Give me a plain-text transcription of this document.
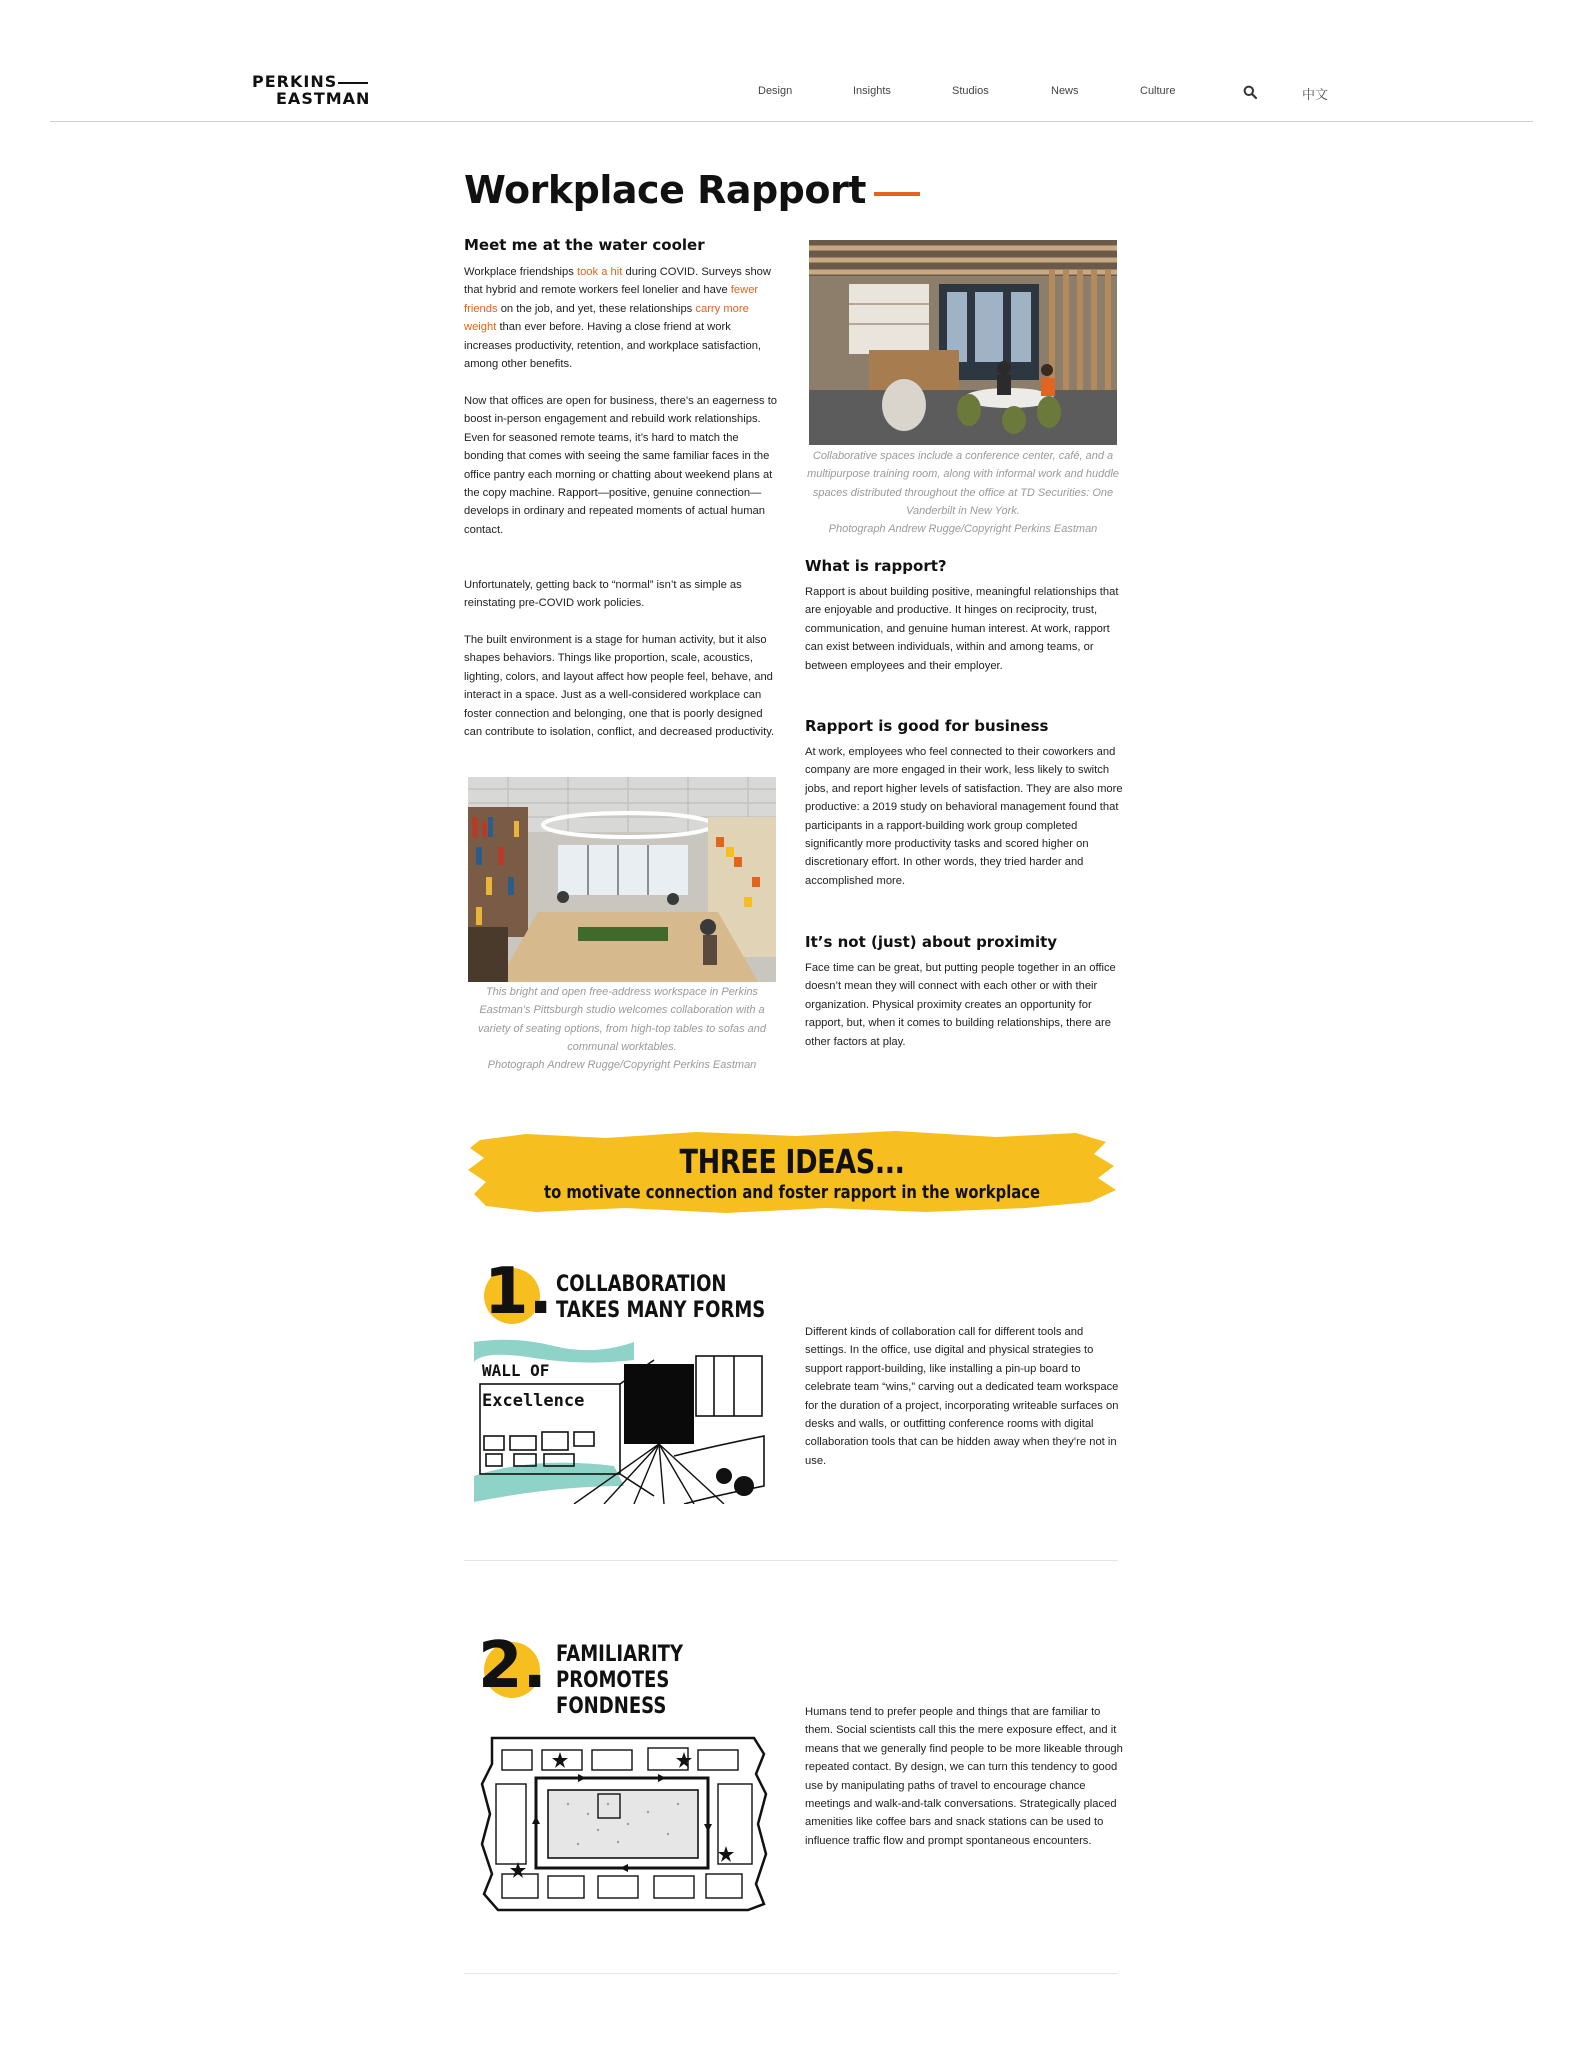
PERKINS
EASTMAN	Design	Insights	Studios	News	Culture	中文
Workplace Rapport
Meet me at the water cooler

Workplace friendships took a hit during COVID. Surveys show that hybrid and remote workers feel lonelier and have fewer friends on the job, and yet, these relationships carry more weight than ever before. Having a close friend at work increases productivity, retention, and workplace satisfaction, among other benefits.

Now that offices are open for business, there’s an eagerness to boost in-person engagement and rebuild work relationships. Even for seasoned remote teams, it’s hard to match the bonding that comes with seeing the same familiar faces in the office pantry each morning or chatting about weekend plans at the copy machine. Rapport—positive, genuine connection—develops in ordinary and repeated moments of actual human contact.

Unfortunately, getting back to “normal” isn’t as simple as reinstating pre-COVID work policies.

The built environment is a stage for human activity, but it also shapes behaviors. Things like proportion, scale, acoustics, lighting, colors, and layout affect how people feel, behave, and interact in a space. Just as a well-considered workplace can foster connection and belonging, one that is poorly designed can contribute to isolation, conflict, and decreased productivity.

This bright and open free-address workspace in Perkins Eastman’s Pittsburgh studio welcomes collaboration with a variety of seating options, from high-top tables to sofas and communal worktables.

Photograph Andrew Rugge/Copyright Perkins Eastman

Collaborative spaces include a conference center, café, and a multipurpose training room, along with informal work and huddle spaces distributed throughout the office at TD Securities: One Vanderbilt in New York.

Photograph Andrew Rugge/Copyright Perkins Eastman

What is rapport?

Rapport is about building positive, meaningful relationships that are enjoyable and productive. It hinges on reciprocity, trust, communication, and genuine human interest. At work, rapport can exist between individuals, within and among teams, or between employees and their employer.

Rapport is good for business

At work, employees who feel connected to their coworkers and company are more engaged in their work, less likely to switch jobs, and report higher levels of satisfaction. They are also more productive: a 2019 study on behavioral management found that participants in a rapport-building work group completed significantly more productivity tasks and scored higher on discretionary effort. In other words, they tried harder and accomplished more.

It’s not (just) about proximity

Face time can be great, but putting people together in an office doesn’t mean they will connect with each other or with their organization. Physical proximity creates an opportunity for rapport, but, when it comes to building relationships, there are other factors at play.

THREE IDEAS...
to motivate connection and foster rapport in the workplace
1. COLLABORATION
TAKES MANY FORMS
WALL OF
Excellence

Different kinds of collaboration call for different tools and settings. In the office, use digital and physical strategies to support rapport-building, like installing a pin-up board to celebrate team “wins,” carving out a dedicated team workspace for the duration of a project, incorporating writeable surfaces on desks and walls, or outfitting conference rooms with digital collaboration tools that can be hidden away when they’re not in use.

2. FAMILIARITY
PROMOTES
FONDNESS	Humans tend to prefer people and things that are familiar to them. Social scientists call this the mere exposure effect, and it means that we generally find people to be more likeable through repeated contact. By design, we can turn this tendency to good use by manipulating paths of travel to encourage chance meetings and walk-and-talk conversations. Strategically placed amenities like coffee bars and snack stations can be used to influence traffic flow and prompt spontaneous encounters.
